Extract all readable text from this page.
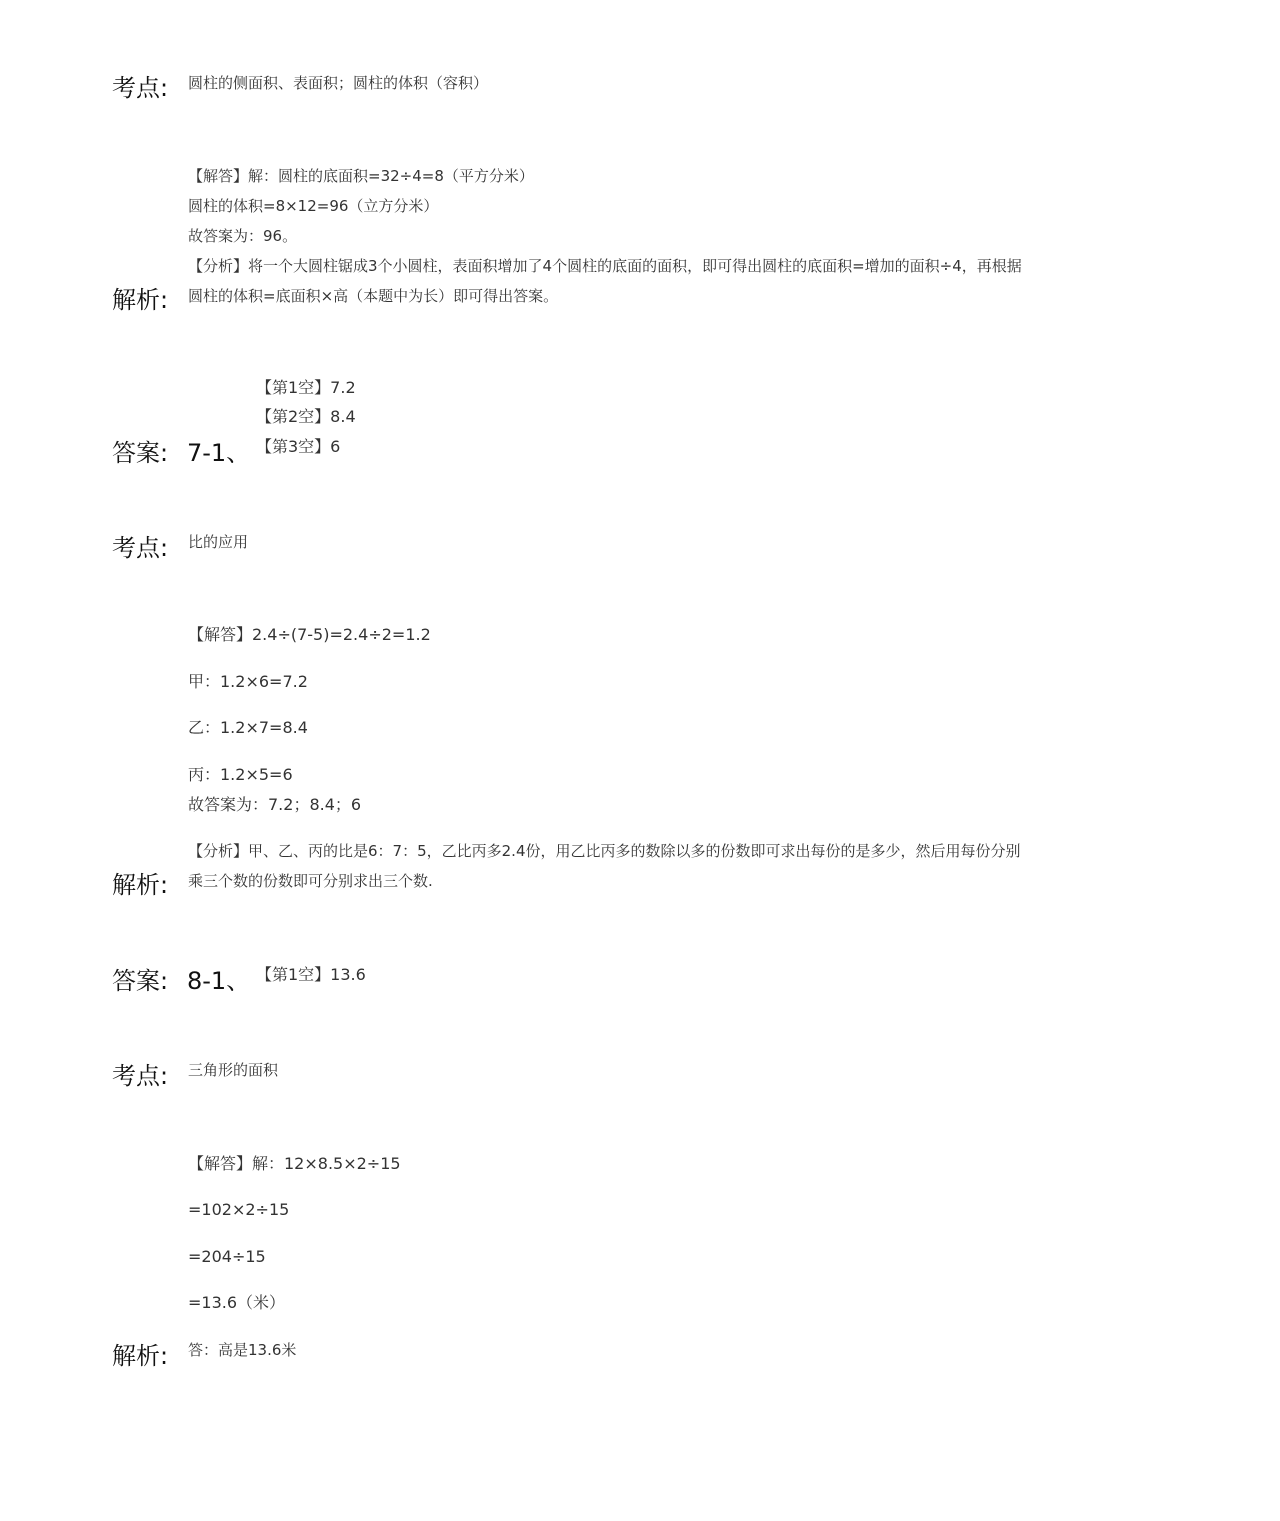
考点: 圆柱的侧面积、表面积；圆柱的体积（容积）
【解答】解：圆柱的底面积=32÷4=8（平方分米）
圆柱的体积=8×12=96（立方分米）
故答案为：96。
【分析】将一个大圆柱锯成3个小圆柱，表面积增加了4个圆柱的底面的面积，即可得出圆柱的底面积=增加的面积÷4，再根据
圆柱的体积=底面积×高（本题中为长）即可得出答案。
解析:
【第1空】7.2
【第2空】8.4
【第3空】6
答案: 7-1、
考点: 比的应用
【解答】2.4÷(7-5)=2.4÷2=1.2
甲：1.2×6=7.2
乙：1.2×7=8.4
丙：1.2×5=6
故答案为：7.2；8.4；6
【分析】甲、乙、丙的比是6：7：5，乙比丙多2.4份，用乙比丙多的数除以多的份数即可求出每份的是多少，然后用每份分别
乘三个数的份数即可分别求出三个数.
解析:
答案: 8-1、 【第1空】13.6
考点: 三角形的面积
【解答】解：12×8.5×2÷15
=102×2÷15
=204÷15
=13.6（米）
答：高是13.6米
解析:
